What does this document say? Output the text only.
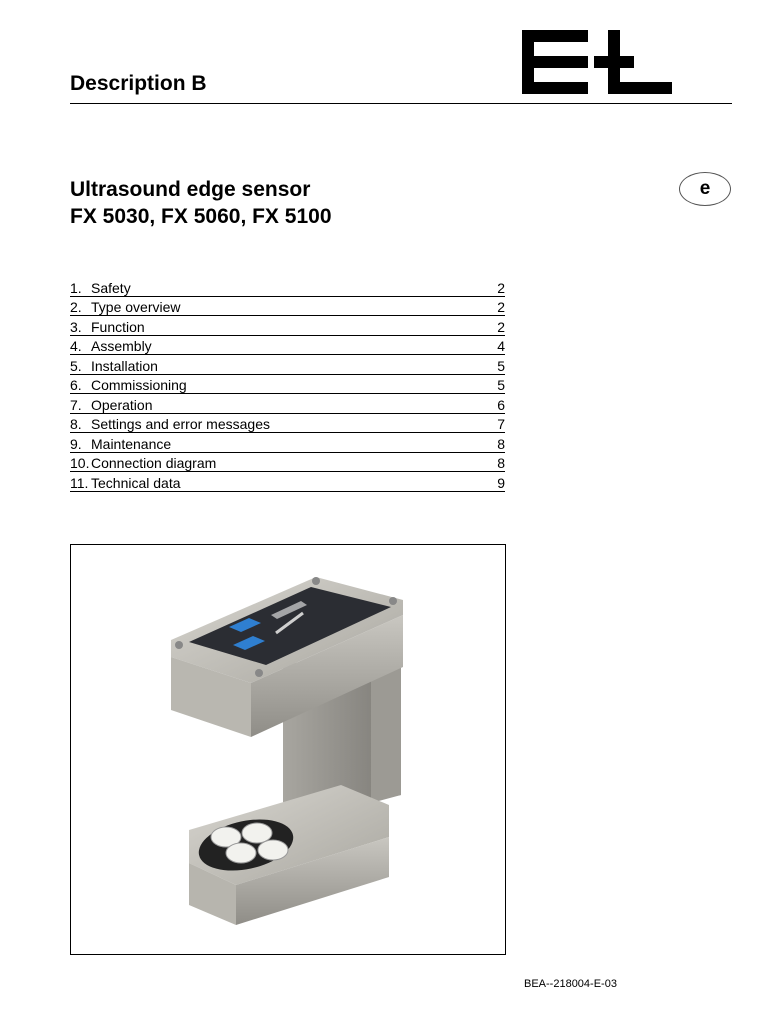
Description B
Ultrasound edge sensor
FX 5030, FX 5060, FX 5100
e
1. Safety	2
2. Type overview	2
3. Function	2
4. Assembly	4
5. Installation	5
6. Commissioning	5
7. Operation	6
8. Settings and error messages	7
9. Maintenance	8
10. Connection diagram	8
11. Technical data	9
BEA--218004-E-03
